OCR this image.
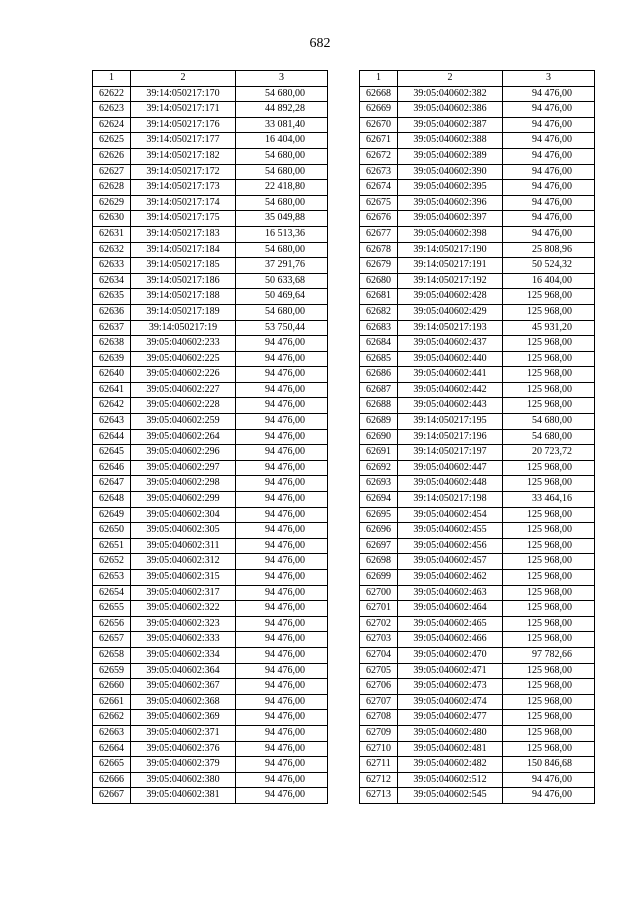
682
1	2	3
62622	39:14:050217:170	54 680,00
62623	39:14:050217:171	44 892,28
62624	39:14:050217:176	33 081,40
62625	39:14:050217:177	16 404,00
62626	39:14:050217:182	54 680,00
62627	39:14:050217:172	54 680,00
62628	39:14:050217:173	22 418,80
62629	39:14:050217:174	54 680,00
62630	39:14:050217:175	35 049,88
62631	39:14:050217:183	16 513,36
62632	39:14:050217:184	54 680,00
62633	39:14:050217:185	37 291,76
62634	39:14:050217:186	50 633,68
62635	39:14:050217:188	50 469,64
62636	39:14:050217:189	54 680,00
62637	39:14:050217:19	53 750,44
62638	39:05:040602:233	94 476,00
62639	39:05:040602:225	94 476,00
62640	39:05:040602:226	94 476,00
62641	39:05:040602:227	94 476,00
62642	39:05:040602:228	94 476,00
62643	39:05:040602:259	94 476,00
62644	39:05:040602:264	94 476,00
62645	39:05:040602:296	94 476,00
62646	39:05:040602:297	94 476,00
62647	39:05:040602:298	94 476,00
62648	39:05:040602:299	94 476,00
62649	39:05:040602:304	94 476,00
62650	39:05:040602:305	94 476,00
62651	39:05:040602:311	94 476,00
62652	39:05:040602:312	94 476,00
62653	39:05:040602:315	94 476,00
62654	39:05:040602:317	94 476,00
62655	39:05:040602:322	94 476,00
62656	39:05:040602:323	94 476,00
62657	39:05:040602:333	94 476,00
62658	39:05:040602:334	94 476,00
62659	39:05:040602:364	94 476,00
62660	39:05:040602:367	94 476,00
62661	39:05:040602:368	94 476,00
62662	39:05:040602:369	94 476,00
62663	39:05:040602:371	94 476,00
62664	39:05:040602:376	94 476,00
62665	39:05:040602:379	94 476,00
62666	39:05:040602:380	94 476,00
62667	39:05:040602:381	94 476,00
1	2	3
62668	39:05:040602:382	94 476,00
62669	39:05:040602:386	94 476,00
62670	39:05:040602:387	94 476,00
62671	39:05:040602:388	94 476,00
62672	39:05:040602:389	94 476,00
62673	39:05:040602:390	94 476,00
62674	39:05:040602:395	94 476,00
62675	39:05:040602:396	94 476,00
62676	39:05:040602:397	94 476,00
62677	39:05:040602:398	94 476,00
62678	39:14:050217:190	25 808,96
62679	39:14:050217:191	50 524,32
62680	39:14:050217:192	16 404,00
62681	39:05:040602:428	125 968,00
62682	39:05:040602:429	125 968,00
62683	39:14:050217:193	45 931,20
62684	39:05:040602:437	125 968,00
62685	39:05:040602:440	125 968,00
62686	39:05:040602:441	125 968,00
62687	39:05:040602:442	125 968,00
62688	39:05:040602:443	125 968,00
62689	39:14:050217:195	54 680,00
62690	39:14:050217:196	54 680,00
62691	39:14:050217:197	20 723,72
62692	39:05:040602:447	125 968,00
62693	39:05:040602:448	125 968,00
62694	39:14:050217:198	33 464,16
62695	39:05:040602:454	125 968,00
62696	39:05:040602:455	125 968,00
62697	39:05:040602:456	125 968,00
62698	39:05:040602:457	125 968,00
62699	39:05:040602:462	125 968,00
62700	39:05:040602:463	125 968,00
62701	39:05:040602:464	125 968,00
62702	39:05:040602:465	125 968,00
62703	39:05:040602:466	125 968,00
62704	39:05:040602:470	97 782,66
62705	39:05:040602:471	125 968,00
62706	39:05:040602:473	125 968,00
62707	39:05:040602:474	125 968,00
62708	39:05:040602:477	125 968,00
62709	39:05:040602:480	125 968,00
62710	39:05:040602:481	125 968,00
62711	39:05:040602:482	150 846,68
62712	39:05:040602:512	94 476,00
62713	39:05:040602:545	94 476,00
